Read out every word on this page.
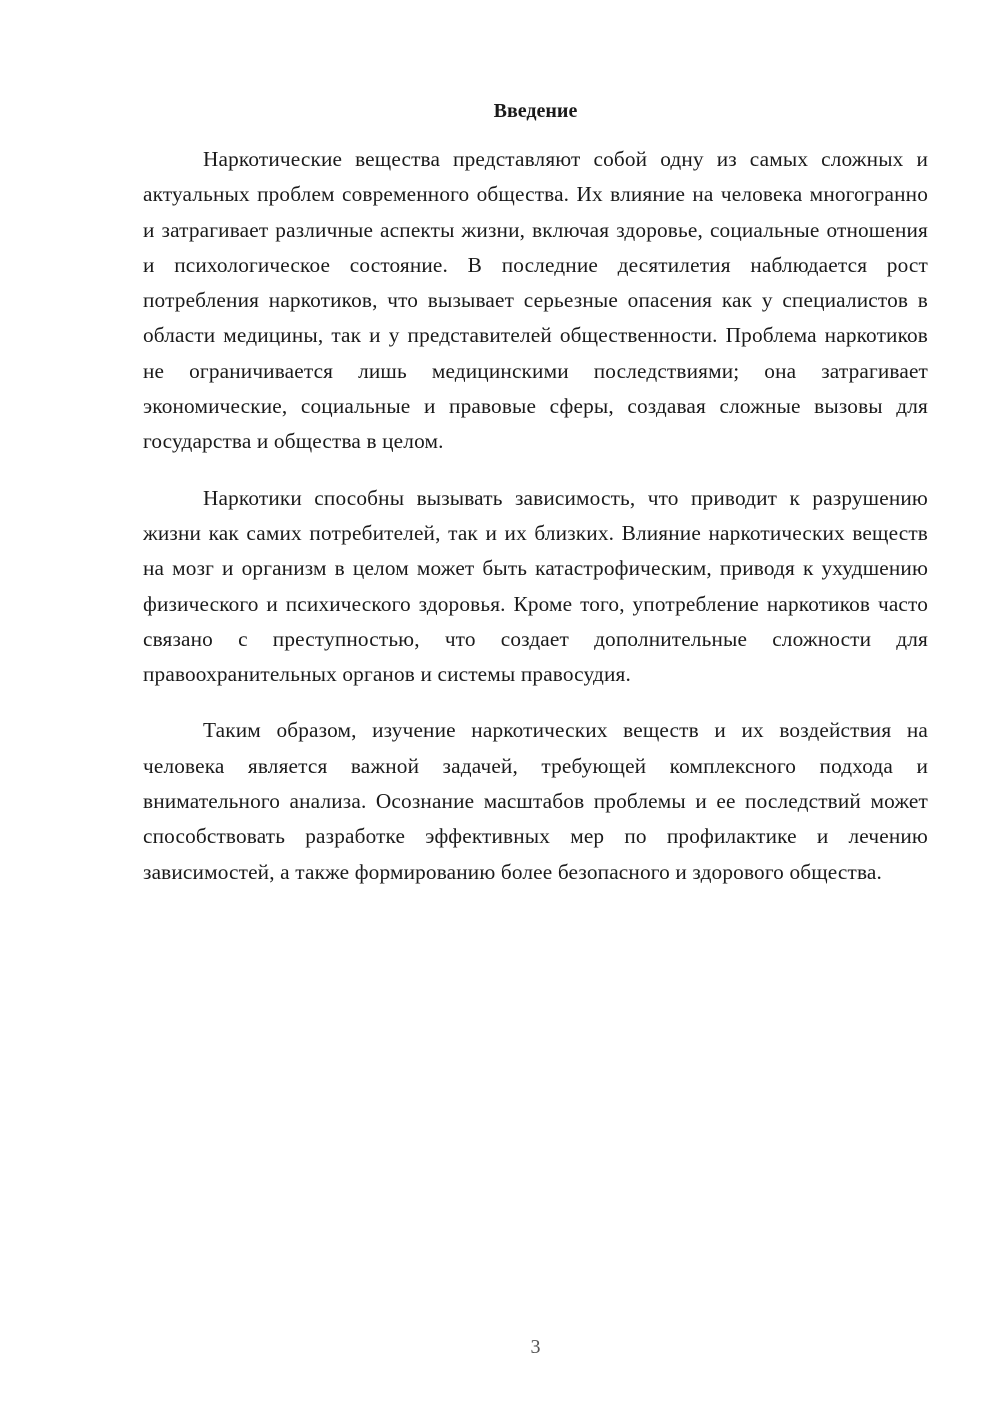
Введение

Наркотические вещества представляют собой одну из самых сложных и актуальных проблем современного общества. Их влияние на человека многогранно и затрагивает различные аспекты жизни, включая здоровье, социальные отношения и психологическое состояние. В последние десятилетия наблюдается рост потребления наркотиков, что вызывает серьезные опасения как у специалистов в области медицины, так и у представителей общественности. Проблема наркотиков не ограничивается лишь медицинскими последствиями; она затрагивает экономические, социальные и правовые сферы, создавая сложные вызовы для государства и общества в целом.

Наркотики способны вызывать зависимость, что приводит к разрушению жизни как самих потребителей, так и их близких. Влияние наркотических веществ на мозг и организм в целом может быть катастрофическим, приводя к ухудшению физического и психического здоровья. Кроме того, употребление наркотиков часто связано с преступностью, что создает дополнительные сложности для правоохранительных органов и системы правосудия.

Таким образом, изучение наркотических веществ и их воздействия на человека является важной задачей, требующей комплексного подхода и внимательного анализа. Осознание масштабов проблемы и ее последствий может способствовать разработке эффективных мер по профилактике и лечению зависимостей, а также формированию более безопасного и здорового общества.

3
